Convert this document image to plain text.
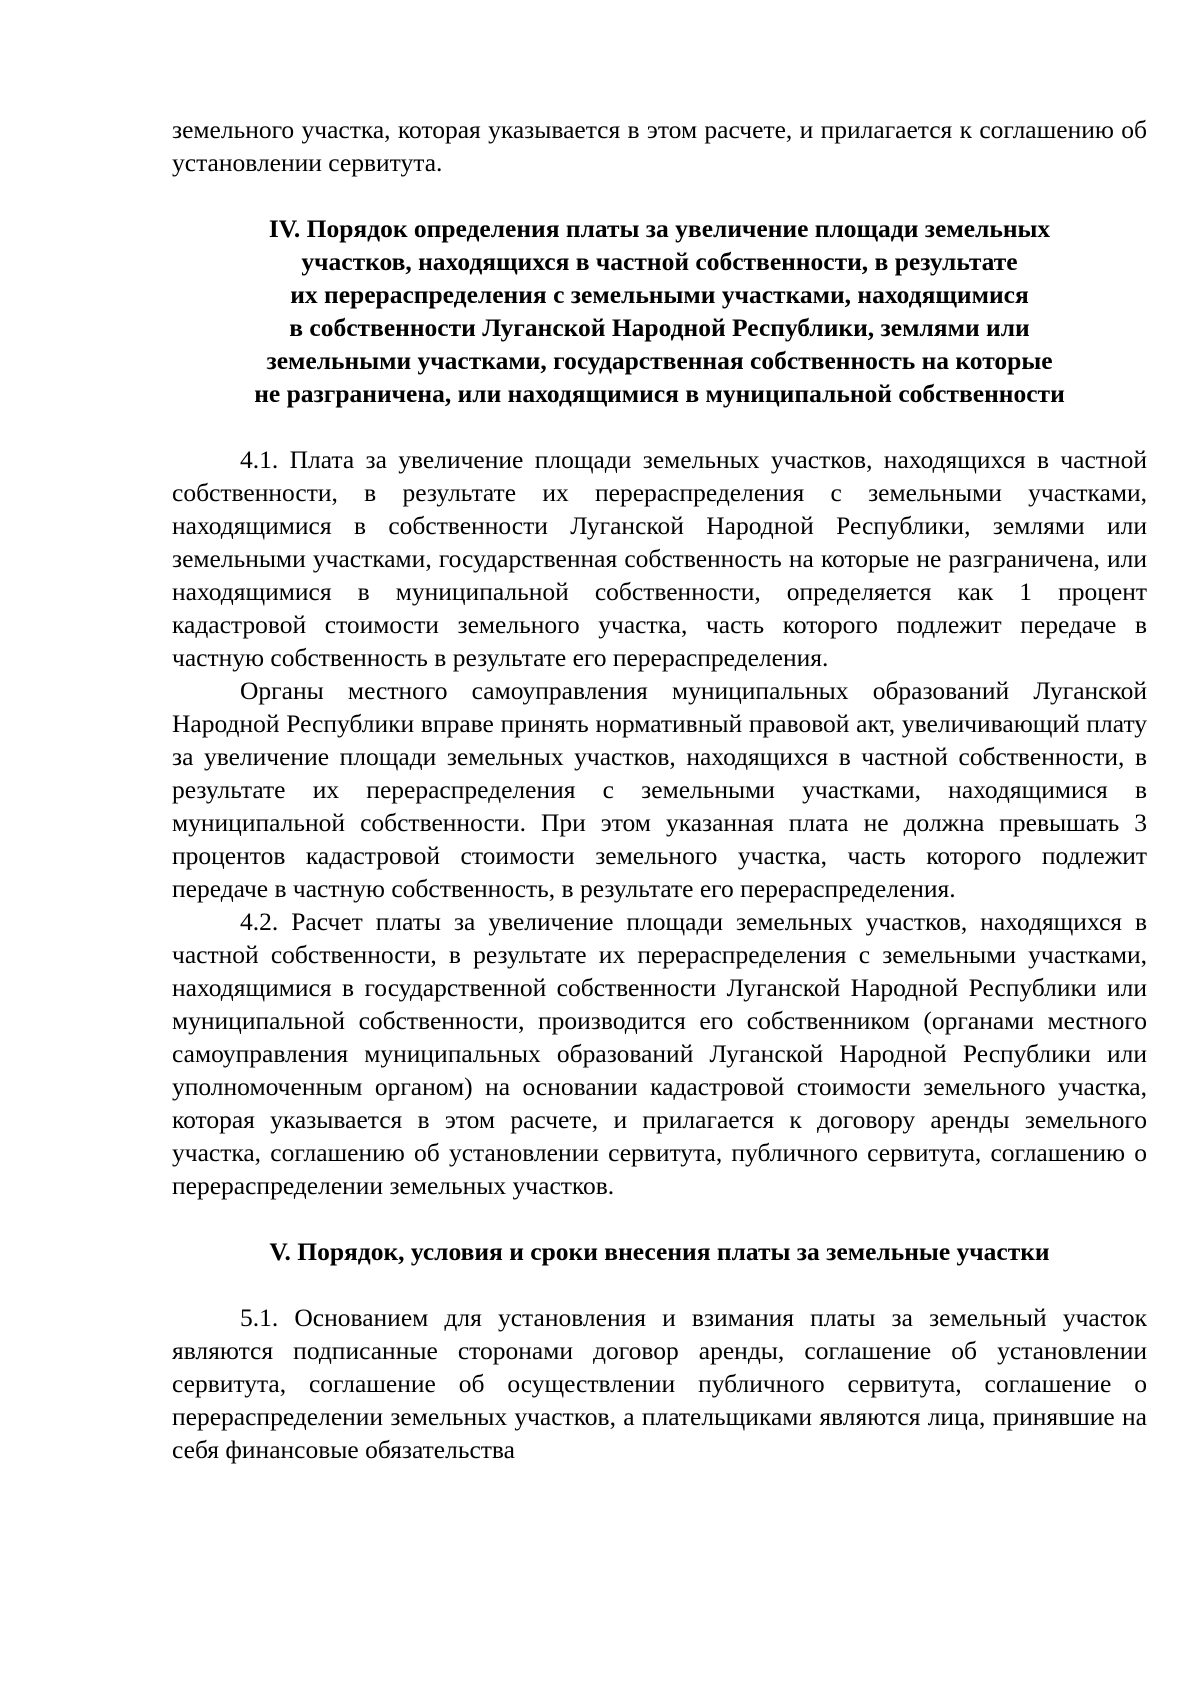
земельного участка, которая указывается в этом расчете, и прилагается к соглашению об установлении сервитута.

IV. Порядок определения платы за увеличение площади земельных
участков, находящихся в частной собственности, в результате
их перераспределения с земельными участками, находящимися
в собственности Луганской Народной Республики, землями или
земельными участками, государственная собственность на которые
не разграничена, или находящимися в муниципальной собственности

4.1. Плата за увеличение площади земельных участков, находящихся в частной собственности, в результате их перераспределения с земельными участками, находящимися в собственности Луганской Народной Республики, землями или земельными участками, государственная собственность на которые не разграничена, или находящимися в муниципальной собственности, определяется как 1 процент кадастровой стоимости земельного участка, часть которого подлежит передаче в частную собственность в результате его перераспределения.

Органы местного самоуправления муниципальных образований Луганской Народной Республики вправе принять нормативный правовой акт, увеличивающий плату за увеличение площади земельных участков, находящихся в частной собственности, в результате их перераспределения с земельными участками, находящимися в муниципальной собственности. При этом указанная плата не должна превышать 3 процентов кадастровой стоимости земельного участка, часть которого подлежит передаче в частную собственность, в результате его перераспределения.

4.2. Расчет платы за увеличение площади земельных участков, находящихся в частной собственности, в результате их перераспределения с земельными участками, находящимися в государственной собственности Луганской Народной Республики или муниципальной собственности, производится его собственником (органами местного самоуправления муниципальных образований Луганской Народной Республики или уполномоченным органом) на основании кадастровой стоимости земельного участка, которая указывается в этом расчете, и прилагается к договору аренды земельного участка, соглашению об установлении сервитута, публичного сервитута, соглашению о перераспределении земельных участков.

V. Порядок, условия и сроки внесения платы за земельные участки

5.1. Основанием для установления и взимания платы за земельный участок являются подписанные сторонами договор аренды, соглашение об установлении сервитута, соглашение об осуществлении публичного сервитута, соглашение о перераспределении земельных участков, а плательщиками являются лица, принявшие на себя финансовые обязательства
